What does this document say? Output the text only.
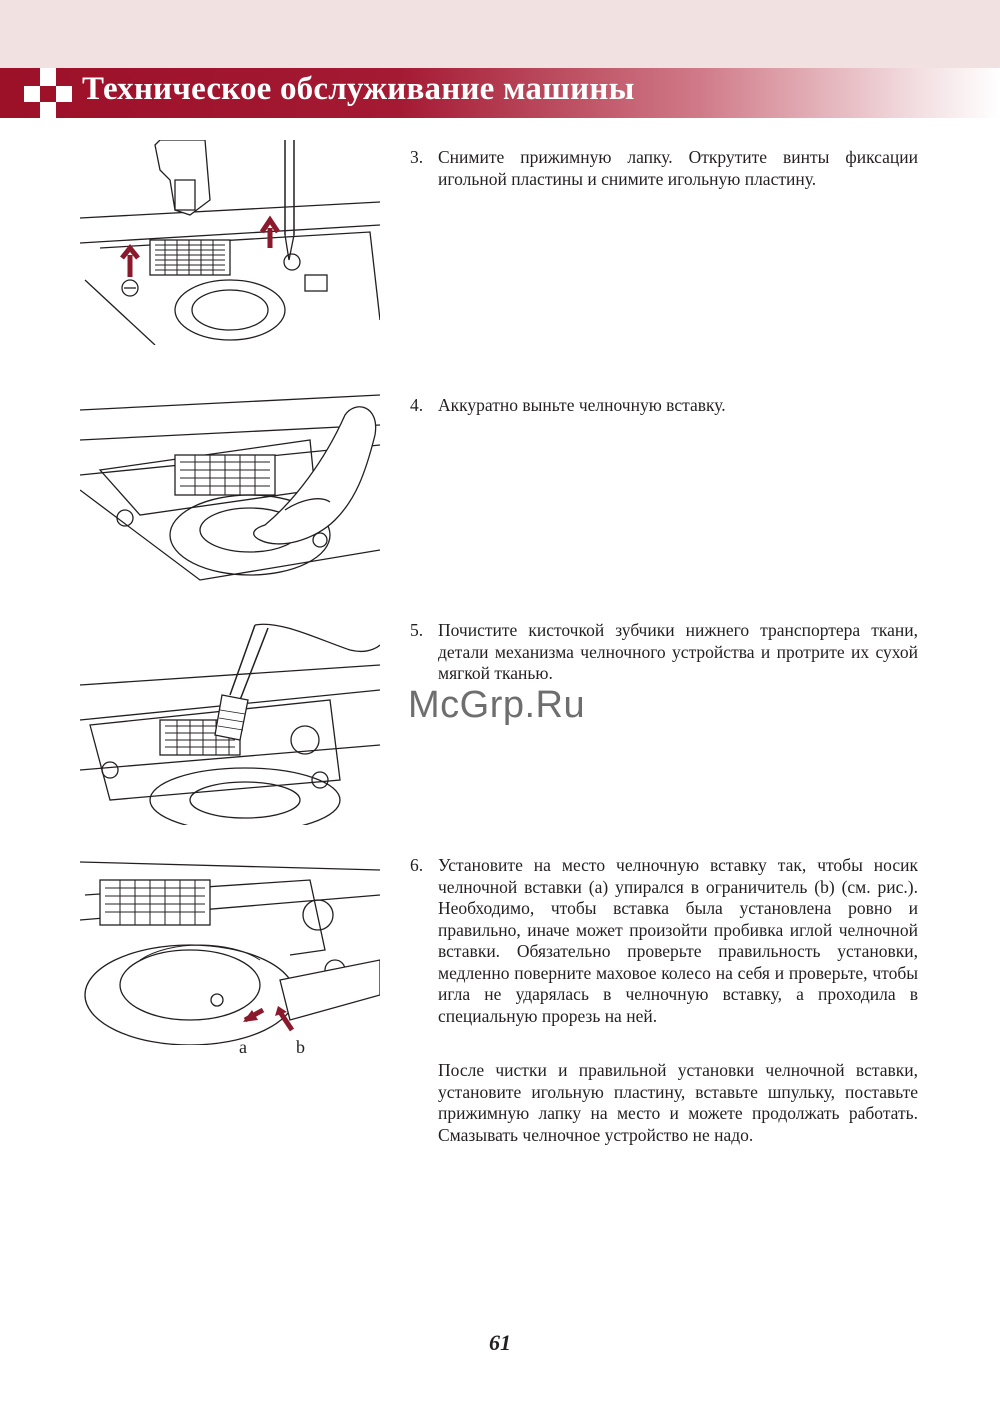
Техническое обслуживание машины
a	b
3. Снимите прижимную лапку. Открутите винты фиксации игольной пластины и снимите игольную пластину.
4. Аккуратно выньте челночную вставку.
5. Почистите кисточкой зубчики нижнего транспортера ткани, детали механизма челночного устройства и протрите их сухой мягкой тканью.
McGrp.Ru
6. Установите на место челночную вставку так, чтобы носик челночной вставки (a) упирался в ограничитель (b) (см. рис.). Необходимо, чтобы вставка была установлена ровно и правильно, иначе может произойти пробивка иглой челночной вставки. Обязательно проверьте правильность установки, медленно поверните маховое колесо на себя и проверьте, чтобы игла не ударялась в челночную вставку, а проходила в специальную прорезь на ней.
После чистки и правильной установки челночной вставки, установите игольную пластину, вставьте шпульку, поставьте прижимную лапку на место и можете продолжать работать. Смазывать челночное устройство не надо.
61
